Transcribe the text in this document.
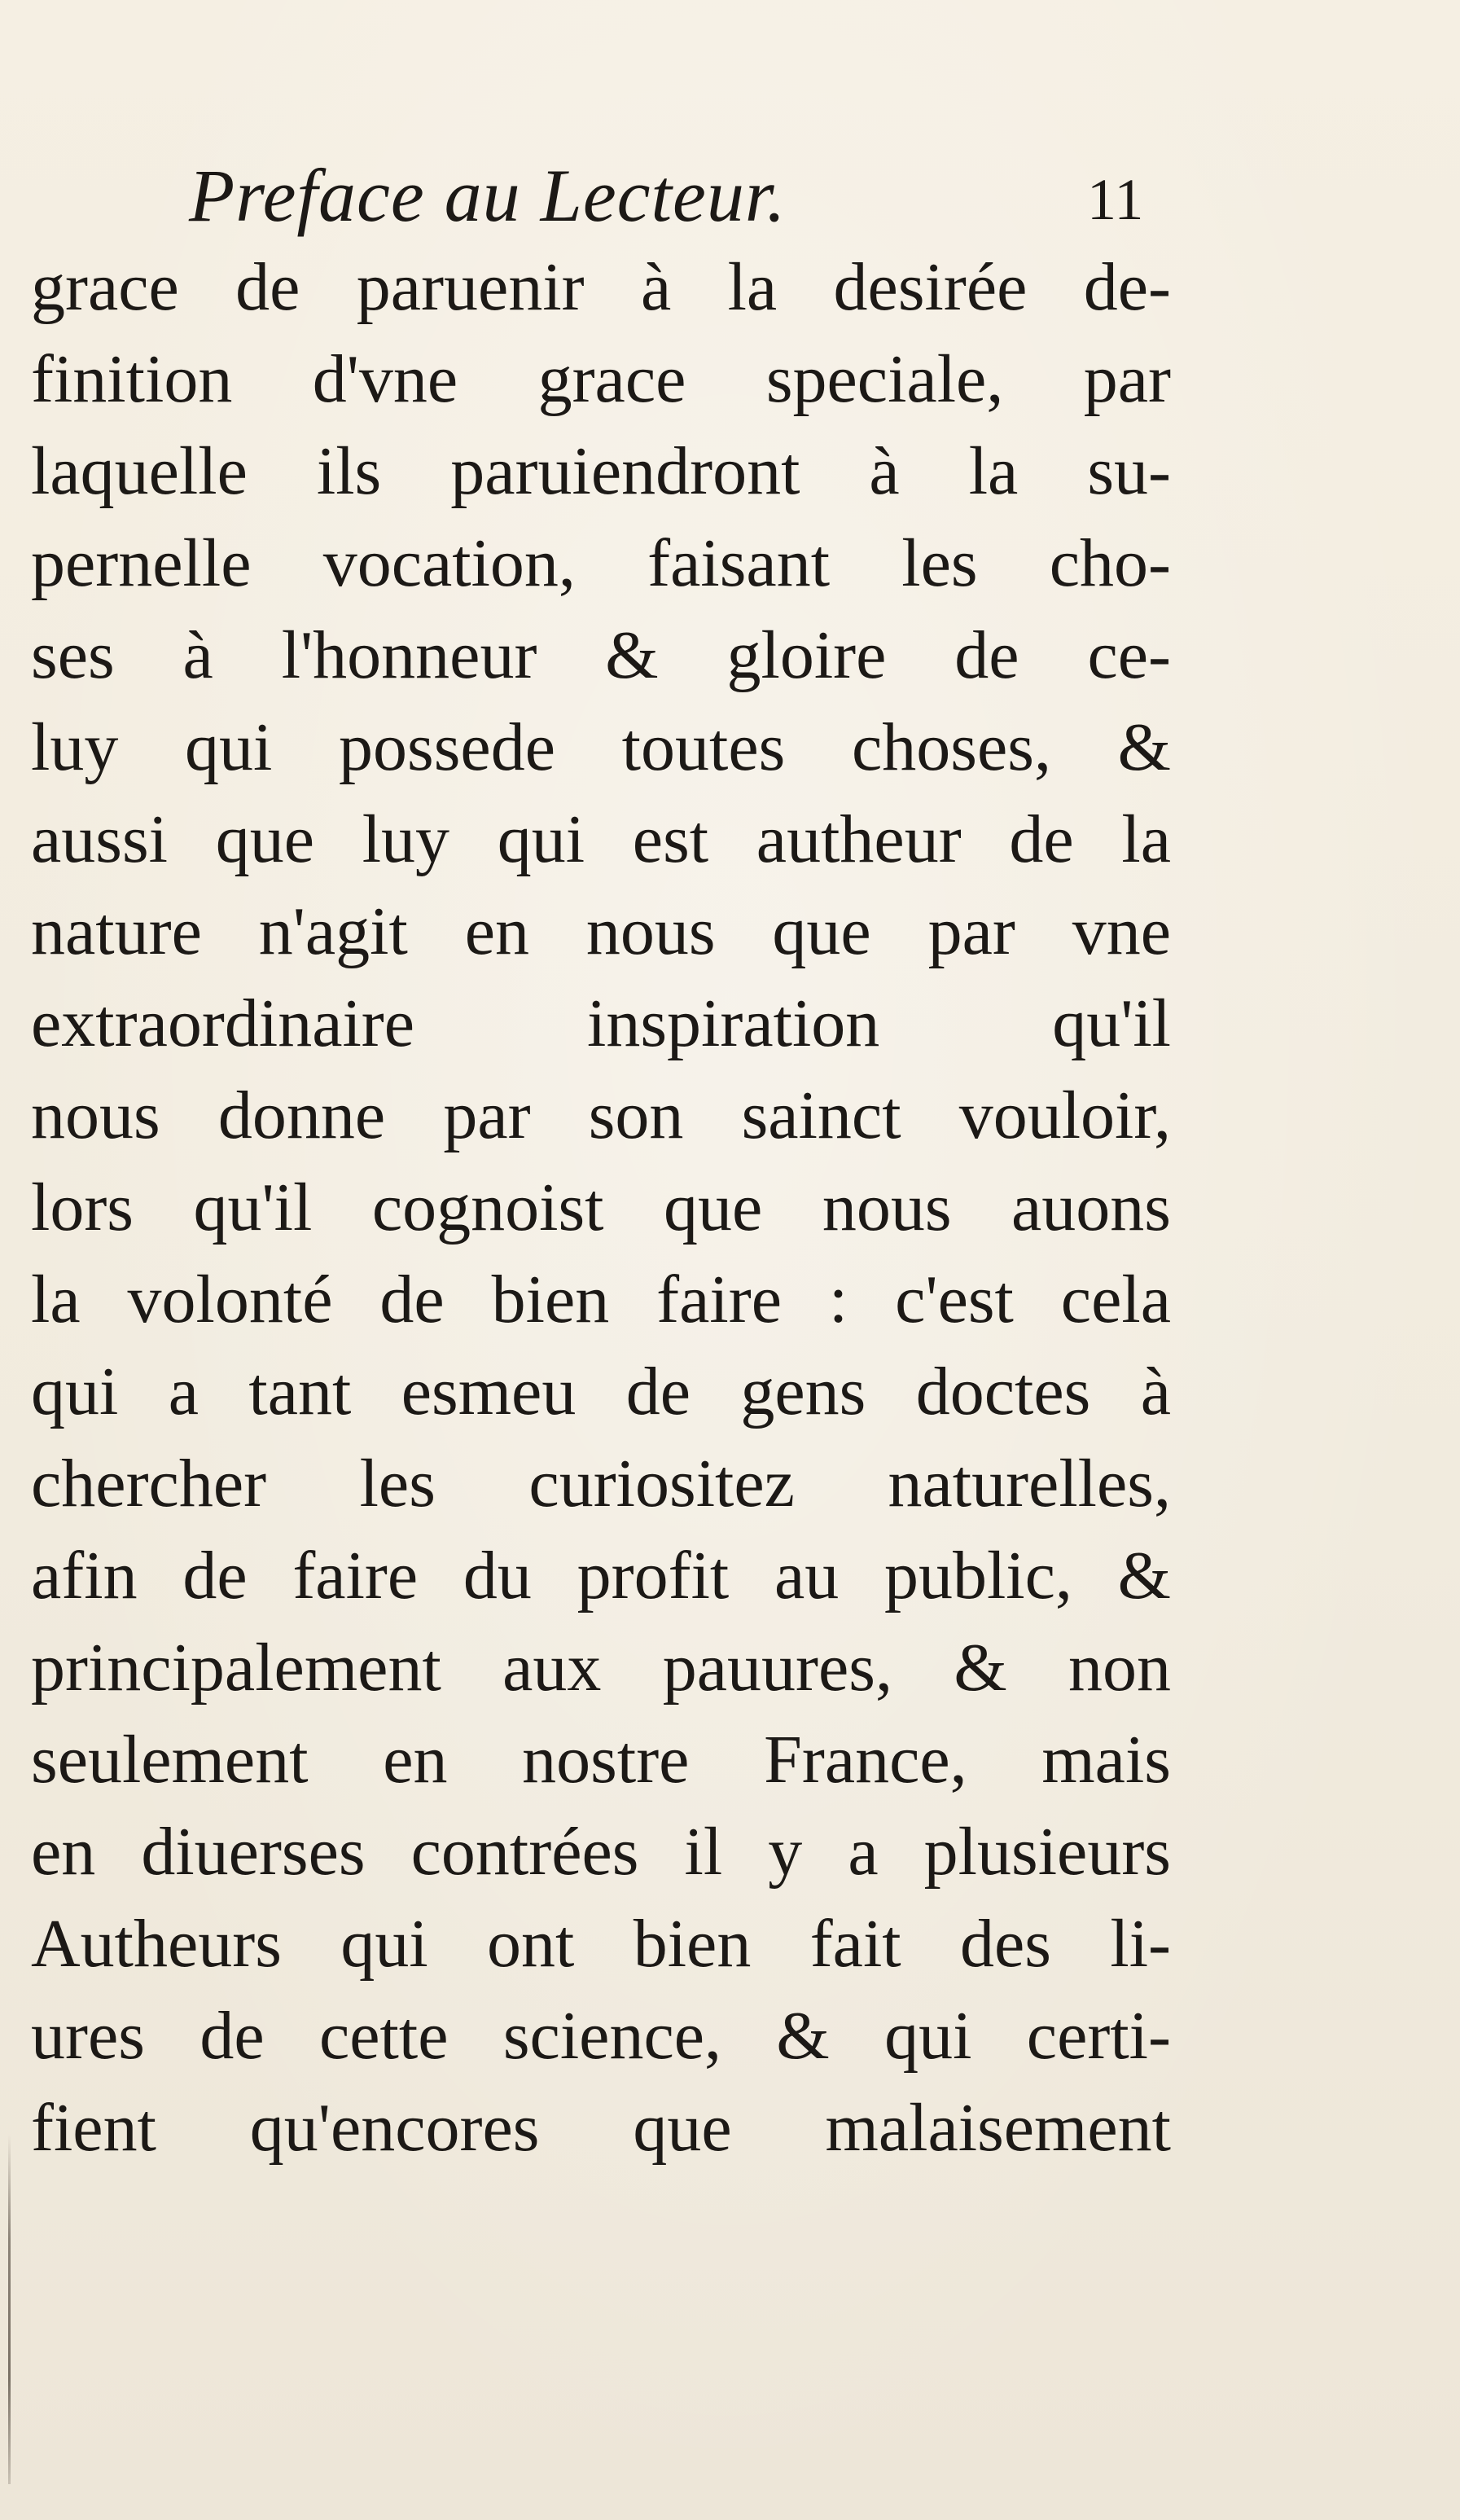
Preface au Lecteur.	11
grace de paruenir à la desirée de-
finition d'vne grace speciale, par
laquelle ils paruiendront à la su-
pernelle vocation, faisant les cho-
ses à l'honneur & gloire de ce-
luy qui possede toutes choses, &
aussi que luy qui est autheur de la
nature n'agit en nous que par vne
extraordinaire inspiration qu'il
nous donne par son sainct vouloir,
lors qu'il cognoist que nous auons
la volonté de bien faire : c'est cela
qui a tant esmeu de gens doctes à
chercher les curiositez naturelles,
afin de faire du profit au public, &
principalement aux pauures, & non
seulement en nostre France, mais
en diuerses contrées il y a plusieurs
Autheurs qui ont bien fait des li-
ures de cette science, & qui certi-
fient qu'encores que malaisement
